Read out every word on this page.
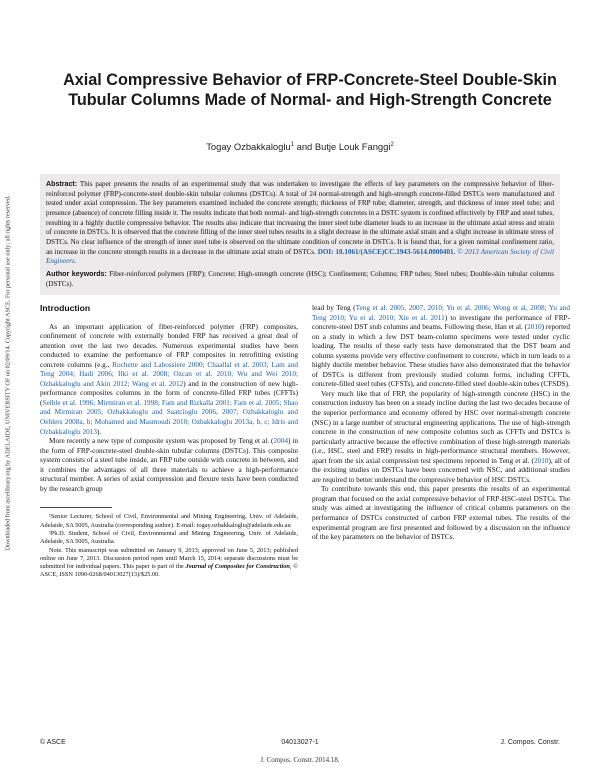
Downloaded from ascelibrary.org by ADELAIDE, UNIVERSITY OF on 02/09/14. Copyright ASCE. For personal use only; all rights reserved.
Axial Compressive Behavior of FRP-Concrete-Steel Double-Skin Tubular Columns Made of Normal- and High-Strength Concrete
Togay Ozbakkaloglu$^1$ and Butje Louk Fanggi$^2$
Abstract: This paper presents the results of an experimental study that was undertaken to investigate the effects of key parameters on the compressive behavior of fiber-reinforced polymer (FRP)-concrete-steel double-skin tubular columns (DSTCs). A total of 24 normal-strength and high-strength concrete-filled DSTCs were manufactured and tested under axial compression. The key parameters examined included the concrete strength; thickness of FRP tube; diameter, strength, and thickness of inner steel tube; and presence (absence) of concrete filling inside it. The results indicate that both normal- and high-strength concretes in a DSTC system is confined effectively by FRP and steel tubes, resulting in a highly ductile compressive behavior. The results also indicate that increasing the inner steel tube diameter leads to an increase in the ultimate axial stress and strain of concrete in DSTCs. It is observed that the concrete filling of the inner steel tubes results in a slight decrease in the ultimate axial strain and a slight increase in ultimate stress of DSTCs. No clear influence of the strength of inner steel tube is observed on the ultimate condition of concrete in DSTCs. It is found that, for a given nominal confinement ratio, an increase in the concrete strength results in a decrease in the ultimate axial strain of DSTCs. DOI: 10.1061/(ASCE)CC.1943-5614.0000401. © 2013 American Society of Civil Engineers.
Author keywords: Fiber-reinforced polymers (FRP); Concrete; High-strength concrete (HSC); Confinement; Columns; FRP tubes; Steel tubes; Double-skin tubular columns (DSTCs).
Introduction

As an important application of fiber-reinforced polymer (FRP) composites, confinement of concrete with externally bonded FRP has received a great deal of attention over the last two decades. Numerous experimental studies have been conducted to examine the performance of FRP composites in retrofitting existing concrete columns (e.g., Rochette and Labossiere 2000; Chaallal et al. 2003; Lam and Teng 2004; Hadi 2006; Ilki et al. 2008; Ozcan et al. 2010; Wu and Wei 2010; Ozbakkaloglu and Akin 2012; Wang et al. 2012) and in the construction of new high-performance composites columns in the form of concrete-filled FRP tubes (CFFTs) (Seible et al. 1996; Mirmiran et al. 1998; Fam and Rizkalla 2001; Fam et al. 2005; Shao and Mirmiran 2005; Ozbakkaloglu and Saatcioglu 2006, 2007; Ozbakkaloglu and Oehlers 2008a, b; Mohamed and Masmoudi 2010; Ozbakkaloglu 2013a, b, c; Idris and Ozbakkaloglu 2013).

More recently a new type of composite system was proposed by Teng et al. (2004) in the form of FRP-concrete-steel double-skin tubular columns (DSTCs). This composite system consists of a steel tube inside, an FRP tube outside with concrete in between, and it combines the advantages of all three materials to achieve a high-performance structural member. A series of axial compression and flexure tests have been conducted by the research group

¹Senior Lecturer, School of Civil, Environmental and Mining Engineering, Univ. of Adelaide, Adelaide, SA 5005, Australia (corresponding author). E-mail: togay.ozbakkaloglu@adelaide.edu.au

²Ph.D. Student, School of Civil, Environmental and Mining Engineering, Univ. of Adelaide, Adelaide, SA 5005, Australia.

Note. This manuscript was submitted on January 9, 2013; approved on June 5, 2013; published online on June 7, 2013. Discussion period open until March 15, 2014; separate discussions must be submitted for individual papers. This paper is part of the Journal of Composites for Construction, © ASCE, ISSN 1090-0268/04013027(13)/$25.00.

lead by Teng (Teng et al. 2005, 2007, 2010; Yu et al. 2006; Wong et al. 2008; Yu and Teng 2010; Yu et al. 2010; Xie et al. 2011) to investigate the performance of FRP-concrete-steel DST stub columns and beams. Following these, Han et al. (2010) reported on a study in which a few DST beam-column specimens were tested under cyclic loading. The results of these early tests have demonstrated that the DST beam and column systems provide very effective confinement to concrete, which in turn leads to a highly ductile member behavior. These studies have also demonstrated that the behavior of DSTCs is different from previously studied column forms, including CFFTs, concrete-filled steel tubes (CFSTs), and concrete-filled steel double-skin tubes (CFSDS).

Very much like that of FRP, the popularity of high-strength concrete (HSC) in the construction industry has been on a steady incline during the last two decades because of the superior performance and economy offered by HSC over normal-strength concrete (NSC) in a large number of structural engineering applications. The use of high-strength concrete in the construction of new composite columns such as CFFTs and DSTCs is particularly attractive because the effective combination of these high-strength materials (i.e., HSC, steel and FRP) results in high-performance structural members. However, apart from the six axial compression test specimens reported in Teng et al. (2010), all of the existing studies on DSTCs have been concerned with NSC, and additional studies are required to better understand the compressive behavior of HSC DSTCs.

To contribute towards this end, this paper presents the results of an experimental program that focused on the axial compressive behavior of FRP-HSC-steel DSTCs. The study was aimed at investigating the influence of critical columns parameters on the performance of DSTCs constructed of carbon FRP external tubes. The results of the experimental program are first presented and followed by a discussion on the influence of the key parameters on the behavior of DSTCs.

© ASCE	04013027-1	J. Compos. Constr.
J. Compos. Constr. 2014.18.
